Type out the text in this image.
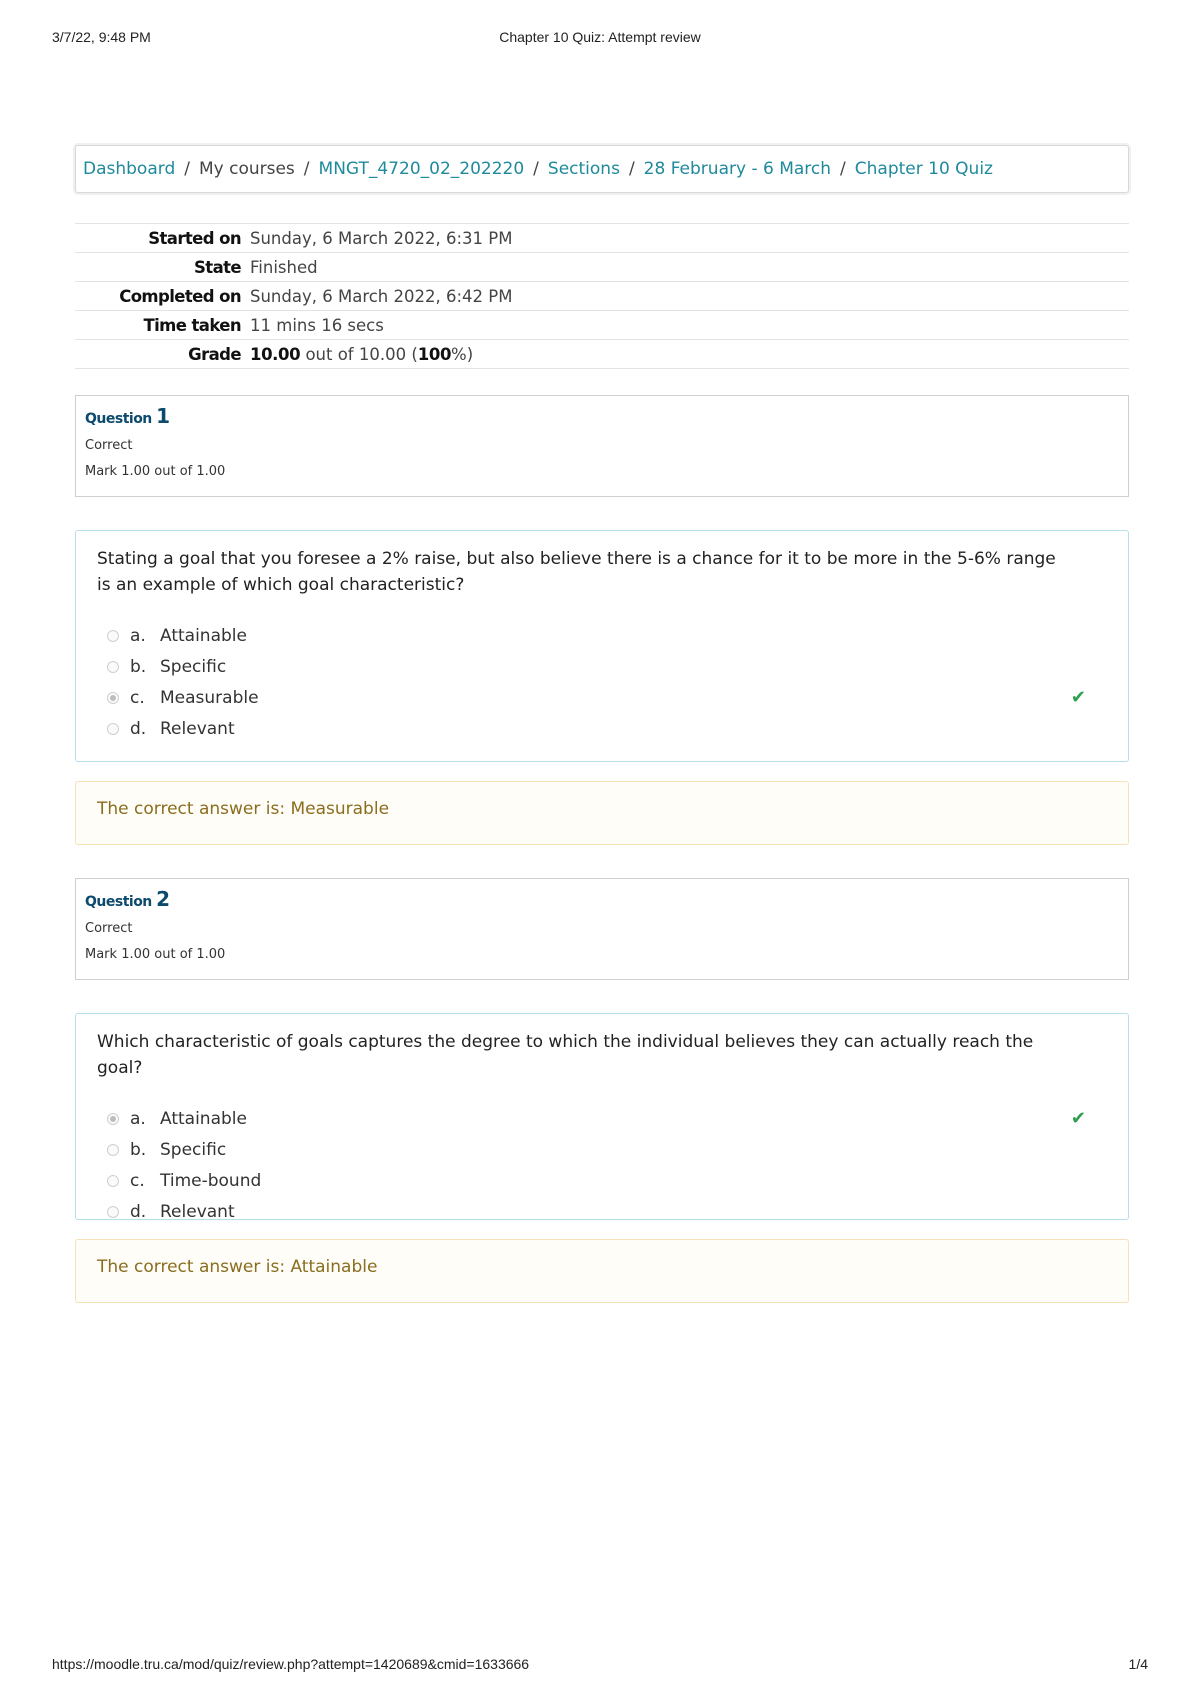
3/7/22, 9:48 PM	Chapter 10 Quiz: Attempt review
Dashboard / My courses / MNGT_4720_02_202220 / Sections / 28 February - 6 March / Chapter 10 Quiz
Started on	Sunday, 6 March 2022, 6:31 PM
State	Finished
Completed on	Sunday, 6 March 2022, 6:42 PM
Time taken	11 mins 16 secs
Grade	10.00 out of 10.00 (100%)
Question 1
Correct
Mark 1.00 out of 1.00
Stating a goal that you foresee a 2% raise, but also believe there is a chance for it to be more in the 5-6% range is an example of which goal characteristic?
a. Attainable
b. Specific
c. Measurable	✔
d. Relevant
The correct answer is: Measurable
Question 2
Correct
Mark 1.00 out of 1.00
Which characteristic of goals captures the degree to which the individual believes they can actually reach the goal?
a. Attainable	✔
b. Specific
c. Time-bound
d. Relevant
The correct answer is: Attainable
https://moodle.tru.ca/mod/quiz/review.php?attempt=1420689&cmid=1633666	1/4
